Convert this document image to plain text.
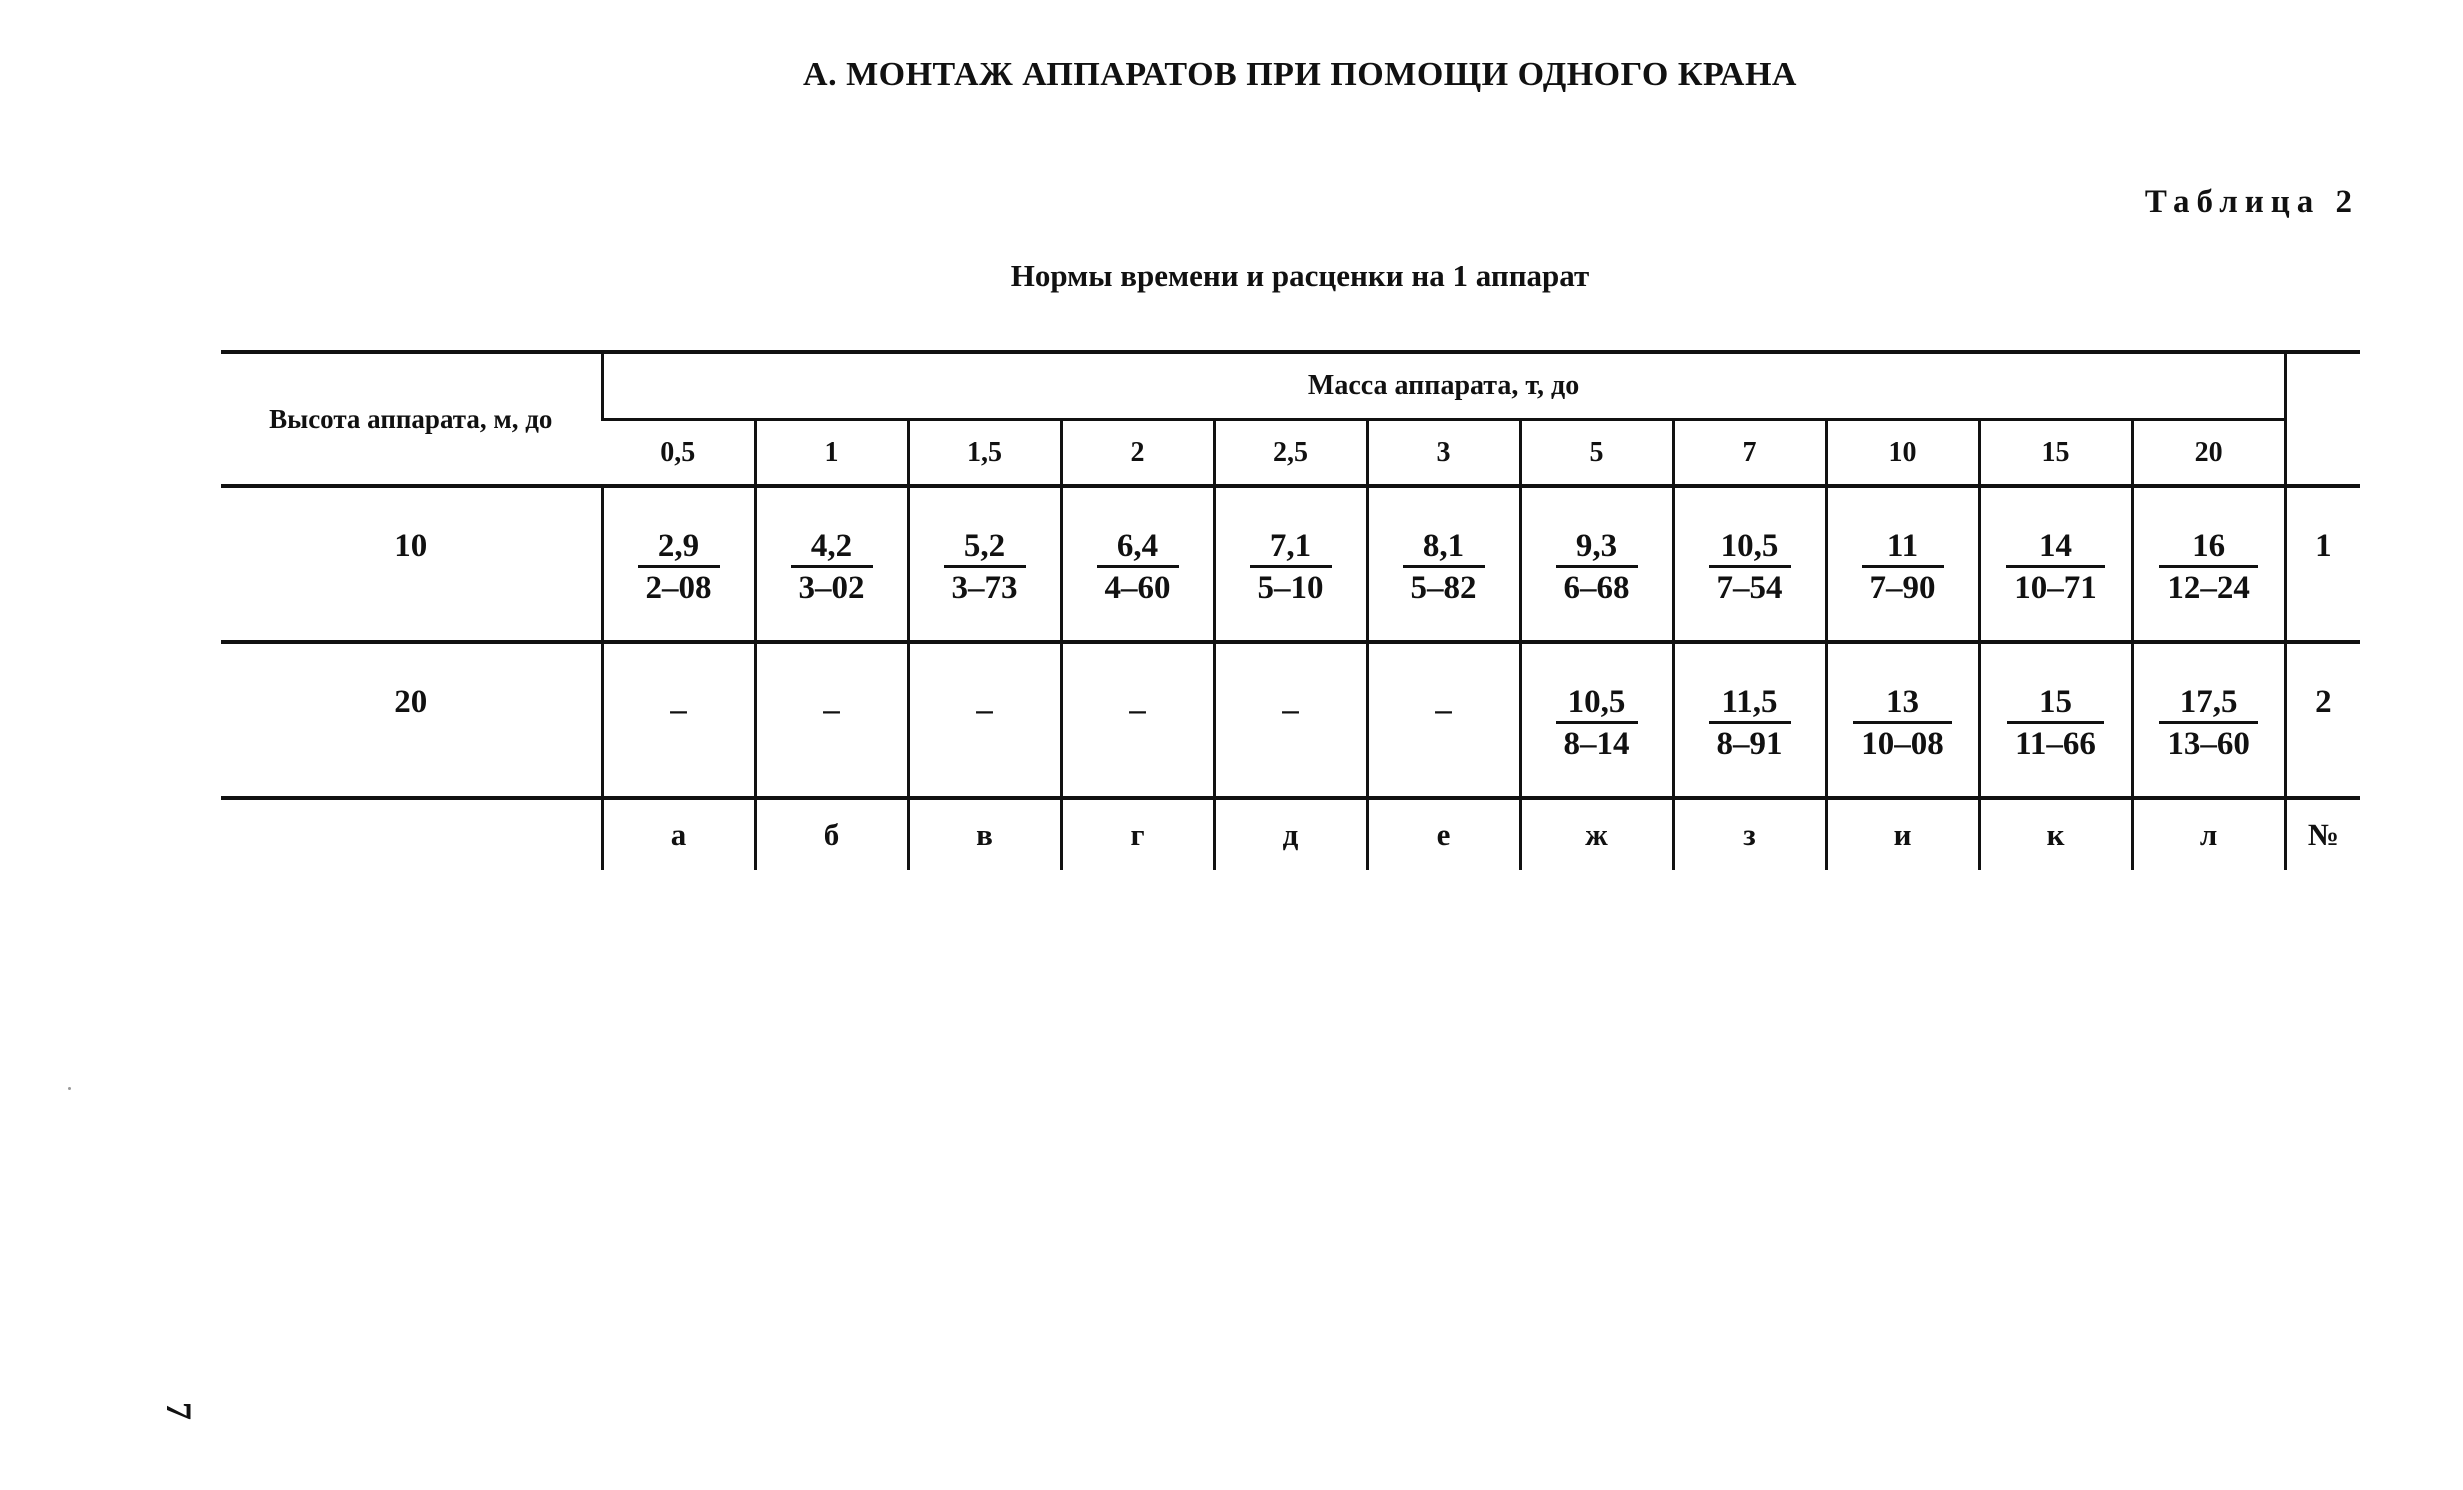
А. МОНТАЖ АППАРАТОВ ПРИ ПОМОЩИ ОДНОГО КРАНА
Таблица 2
Нормы времени и расценки на 1 аппарат
Высота аппарата, м, до	Масса аппарата, т, до											
	0,5	1	1,5	2	2,5	3	5	7	10	15	20	
10	$\frac{2,9}{2-08}$	$\frac{4,2}{3-02}$	$\frac{5,2}{3-73}$	$\frac{6,4}{4-60}$	$\frac{7,1}{5-10}$	$\frac{8,1}{5-82}$	$\frac{9,3}{6-68}$	$\frac{10,5}{7-54}$	$\frac{11}{7-90}$	$\frac{14}{10-71}$	$\frac{16}{12-24}$	1
20	–	–	–	–	–	–	$\frac{10,5}{8-14}$	$\frac{11,5}{8-91}$	$\frac{13}{10-08}$	$\frac{15}{11-66}$	$\frac{17,5}{13-60}$	2
	а	б	в	г	д	е	ж	з	и	к	л	№
7
